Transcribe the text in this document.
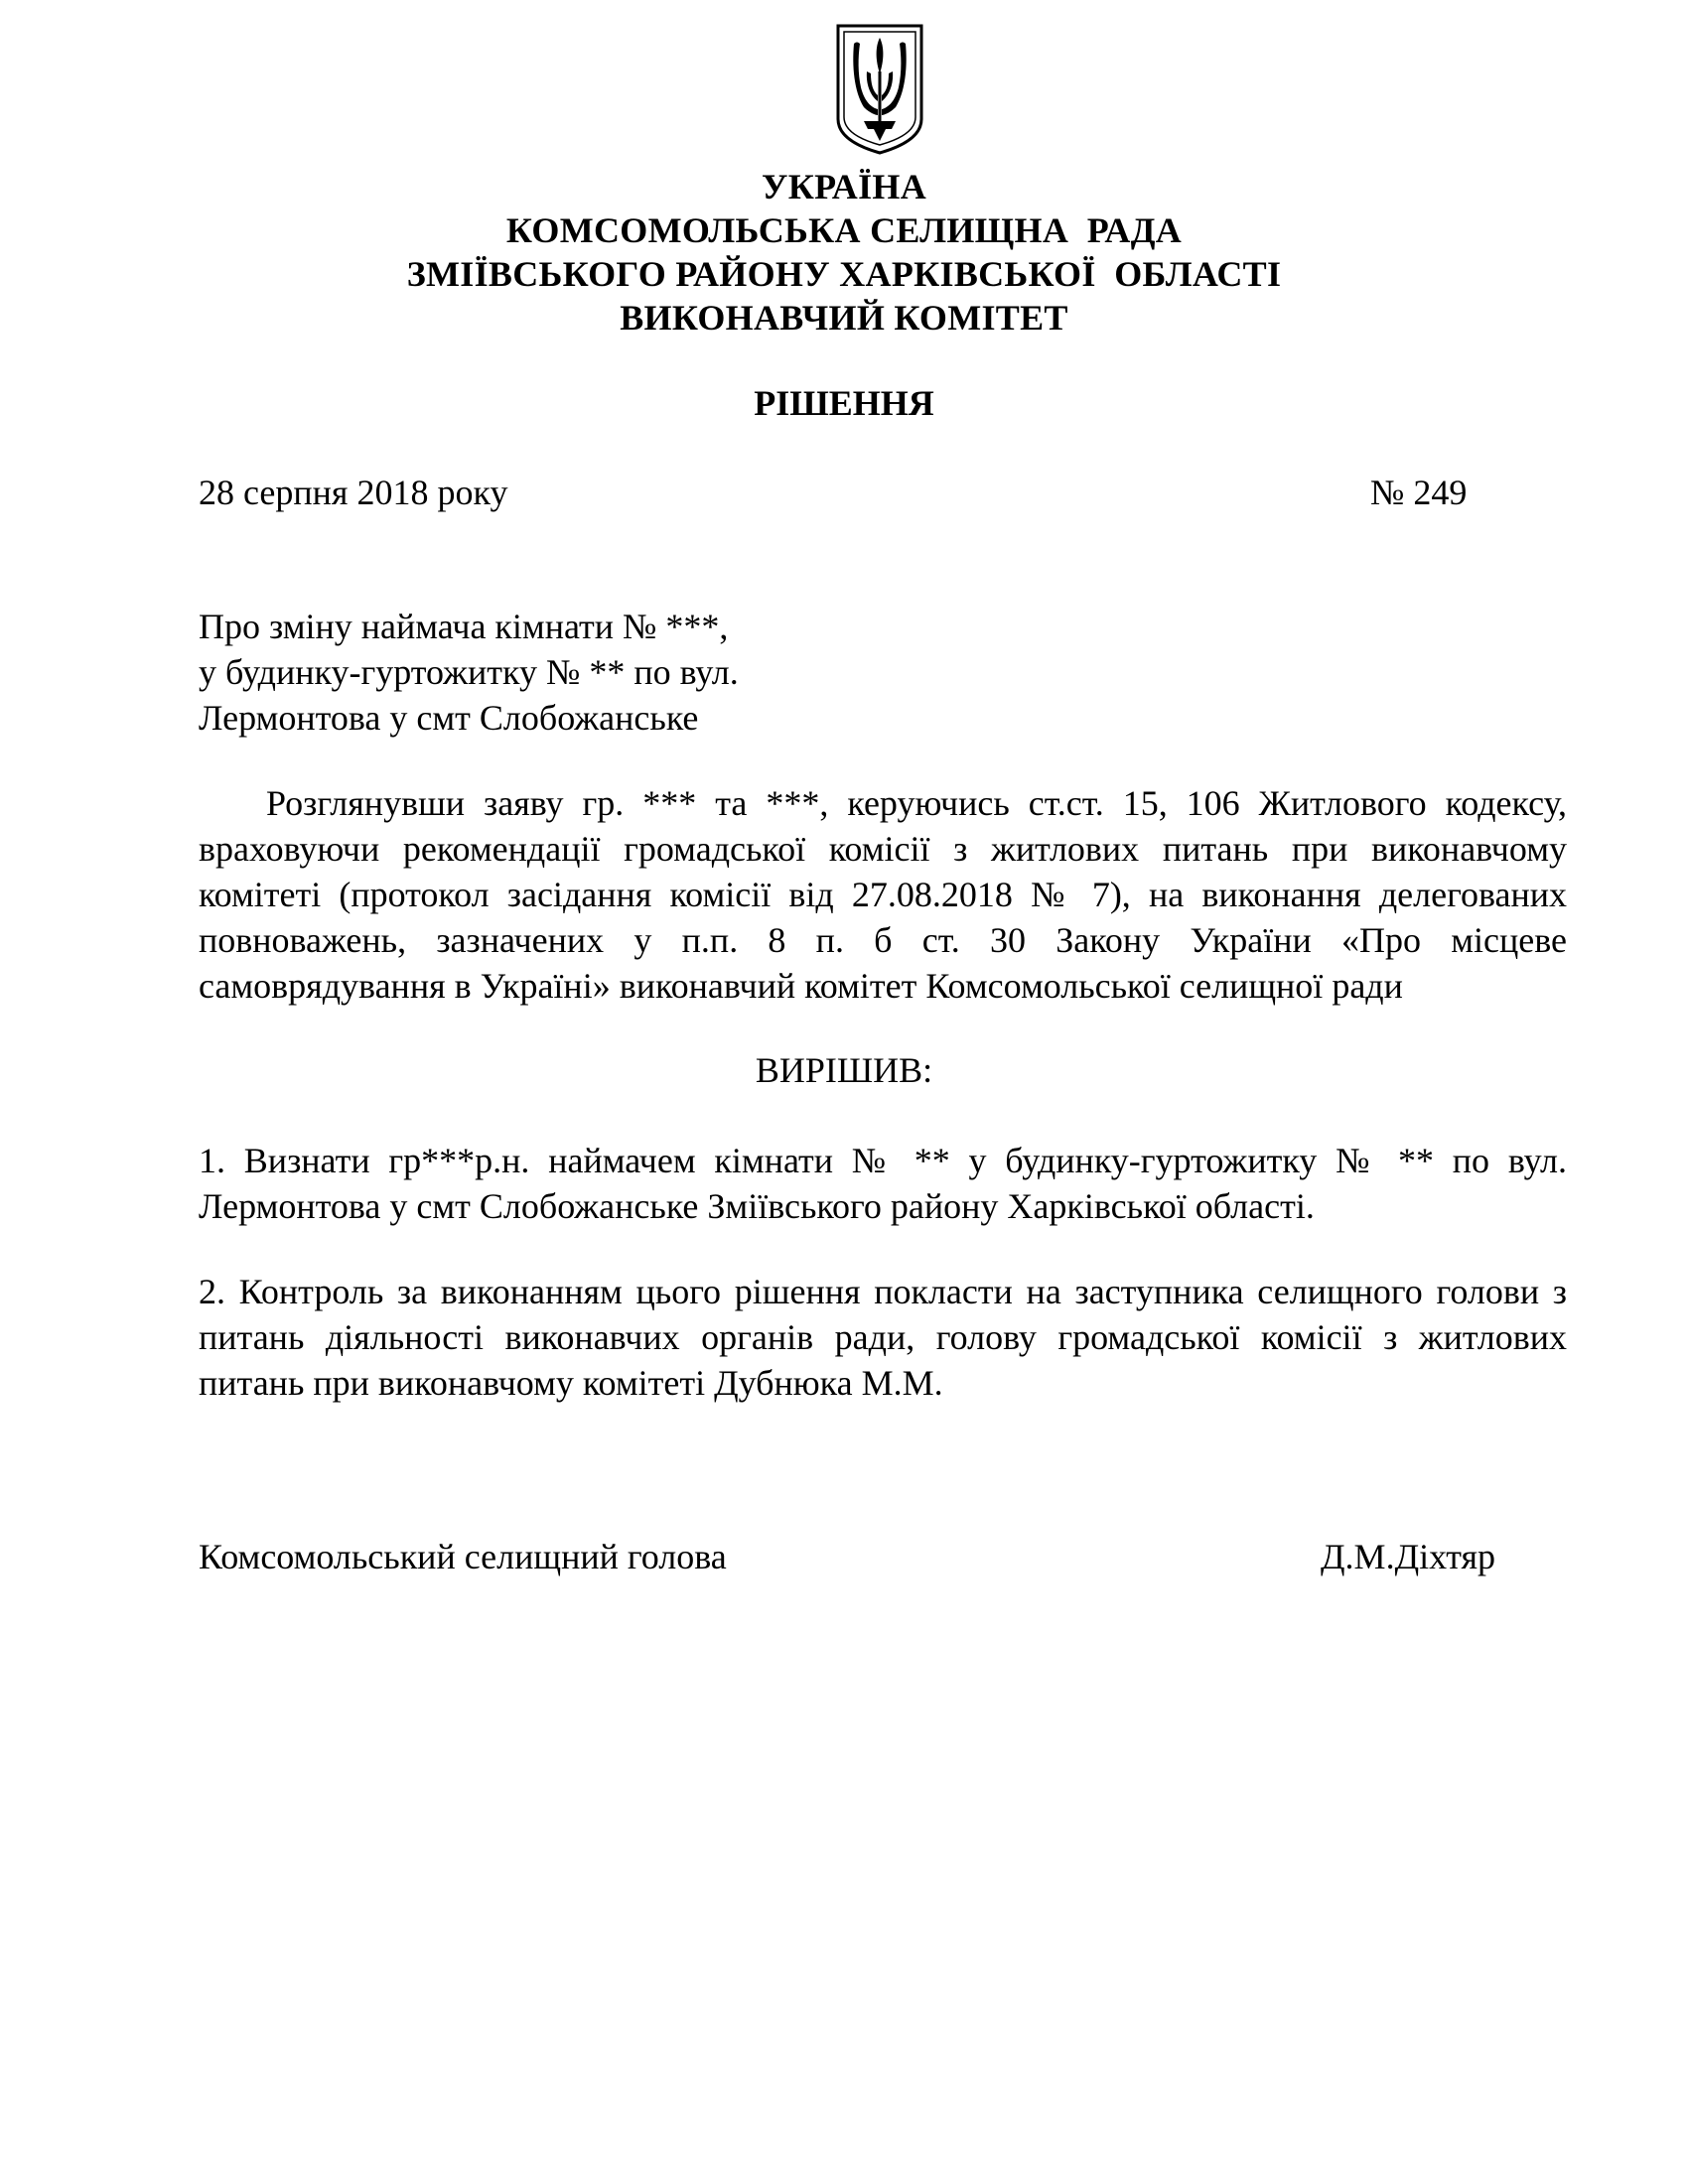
УКРАЇНА
КОМСОМОЛЬСЬКА СЕЛИЩНА  РАДА
ЗМІЇВСЬКОГО РАЙОНУ ХАРКІВСЬКОЇ  ОБЛАСТІ
ВИКОНАВЧИЙ КОМІТЕТ
РІШЕННЯ
28 серпня 2018 року	№ 249
Про зміну наймача кімнати № ***,
у будинку-гуртожитку № ** по вул.
Лермонтова у смт Слобожанське
Розглянувши заяву гр. *** та ***, керуючись ст.ст. 15, 106 Житлового кодексу, враховуючи рекомендації громадської комісії з житлових питань при виконавчому комітеті (протокол засідання комісії від 27.08.2018 № 7), на виконання делегованих повноважень, зазначених у п.п. 8 п. б ст. 30 Закону України «Про місцеве самоврядування в Україні» виконавчий комітет Комсомольської селищної ради
ВИРІШИВ:
1. Визнати гр***р.н. наймачем кімнати № ** у будинку-гуртожитку № ** по вул. Лермонтова у смт Слобожанське Зміївського району Харківської області.
2. Контроль за виконанням цього рішення покласти на заступника селищного голови з питань діяльності виконавчих органів ради, голову громадської комісії з житлових питань при виконавчому комітеті Дубнюка М.М.
Комсомольський селищний голова	Д.М.Діхтяр
